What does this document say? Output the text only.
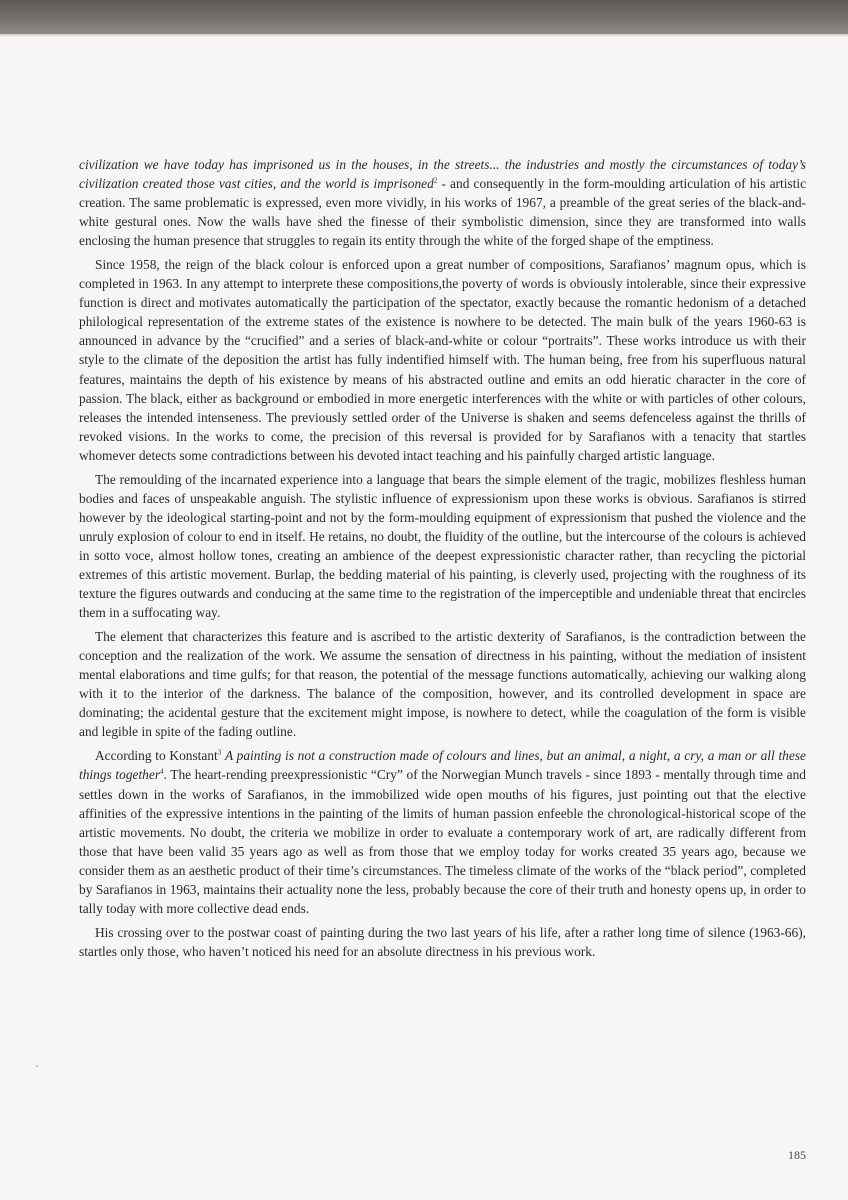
civilization we have today has imprisoned us in the houses, in the streets... the industries and mostly the circumstances of today’s civilization created those vast cities, and the world is imprisoned$^2$ - and consequently in the form-moulding articulation of his artistic creation. The same problematic is expressed, even more vividly, in his works of 1967, a preamble of the great series of the black-and-white gestural ones. Now the walls have shed the finesse of their symbolistic dimension, since they are transformed into walls enclosing the human presence that struggles to regain its entity through the white of the forged shape of the emptiness.

Since 1958, the reign of the black colour is enforced upon a great number of compositions, Sarafianos’ magnum opus, which is completed in 1963. In any attempt to interprete these compositions,the poverty of words is obviously intolerable, since their expressive function is direct and motivates automatically the participation of the spectator, exactly because the romantic hedonism of a detached philological representation of the extreme states of the existence is nowhere to be detected. The main bulk of the years 1960-63 is announced in advance by the “crucified” and a series of black-and-white or colour “portraits”. These works introduce us with their style to the climate of the deposition the artist has fully indentified himself with. The human being, free from his superfluous natural features, maintains the depth of his existence by means of his abstracted outline and emits an odd hieratic character in the core of passion. The black, either as background or embodied in more energetic interferences with the white or with particles of other colours, releases the intended intenseness. The previously settled order of the Universe is shaken and seems defenceless against the thrills of revoked visions. In the works to come, the precision of this reversal is provided for by Sarafianos with a tenacity that startles whomever detects some contradictions between his devoted intact teaching and his painfully charged artistic language.

The remoulding of the incarnated experience into a language that bears the simple element of the tragic, mobilizes fleshless human bodies and faces of unspeakable anguish. The stylistic influence of expressionism upon these works is obvious. Sarafianos is stirred however by the ideological starting-point and not by the form-moulding equipment of expressionism that pushed the violence and the unruly explosion of colour to end in itself. He retains, no doubt, the fluidity of the outline, but the intercourse of the colours is achieved in sotto voce, almost hollow tones, creating an ambience of the deepest expressionistic character rather, than recycling the pictorial extremes of this artistic movement. Burlap, the bedding material of his painting, is cleverly used, projecting with the roughness of its texture the figures outwards and conducing at the same time to the registration of the imperceptible and undeniable threat that encircles them in a suffocating way.

The element that characterizes this feature and is ascribed to the artistic dexterity of Sarafianos, is the contradiction between the conception and the realization of the work. We assume the sensation of directness in his painting, without the mediation of insistent mental elaborations and time gulfs; for that reason, the potential of the message functions automatically, achieving our walking along with it to the interior of the darkness. The balance of the composition, however, and its controlled development in space are dominating; the acidental gesture that the excitement might impose, is nowhere to detect, while the coagulation of the form is visible and legible in spite of the fading outline.

According to Konstant$^3$ A painting is not a construction made of colours and lines, but an animal, a night, a cry, a man or all these things together$^4$. The heart-rending preexpressionistic “Cry” of the Norwegian Munch travels - since 1893 - mentally through time and settles down in the works of Sarafianos, in the immobilized wide open mouths of his figures, just pointing out that the elective affinities of the expressive intentions in the painting of the limits of human passion enfeeble the chronological-historical scope of the artistic movements. No doubt, the criteria we mobilize in order to evaluate a contemporary work of art, are radically different from those that have been valid 35 years ago as well as from those that we employ today for works created 35 years ago, because we consider them as an aesthetic product of their time’s circumstances. The timeless climate of the works of the “black period”, completed by Sarafianos in 1963, maintains their actuality none the less, probably because the core of their truth and honesty opens up, in order to tally today with more collective dead ends.

His crossing over to the postwar coast of painting during the two last years of his life, after a rather long time of silence (1963-66), startles only those, who haven’t noticed his need for an absolute directness in his previous work.

185
